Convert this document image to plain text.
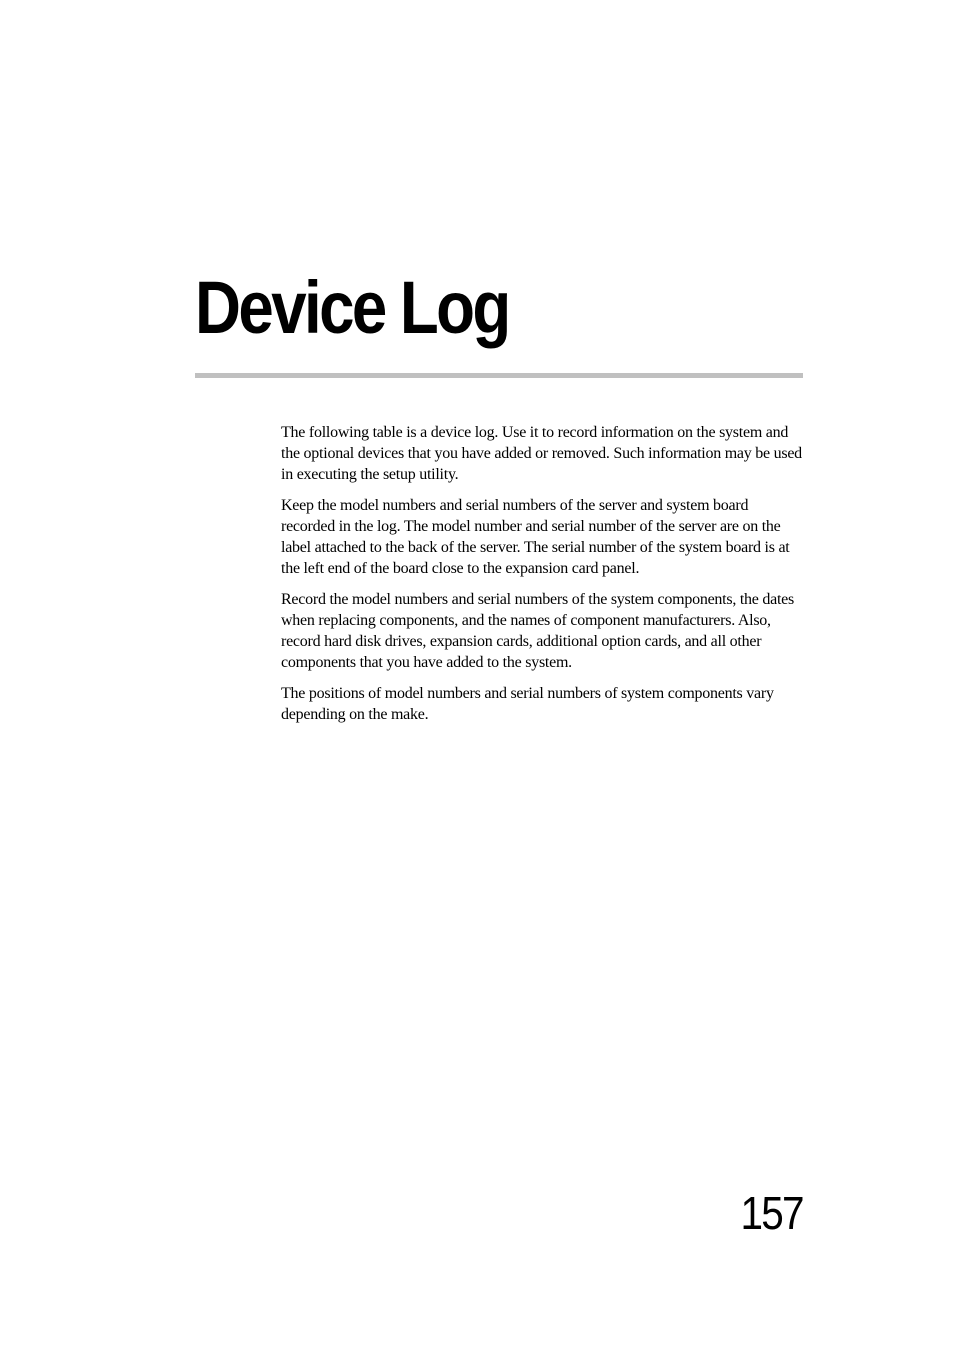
Device Log

The following table is a device log. Use it to record information on the system and the optional devices that you have added or removed. Such information may be used in executing the setup utility.

Keep the model numbers and serial numbers of the server and system board recorded in the log. The model number and serial number of the server are on the label attached to the back of the server. The serial number of the system board is at the left end of the board close to the expansion card panel.

Record the model numbers and serial numbers of the system components, the dates when replacing components, and the names of component manufacturers. Also, record hard disk drives, expansion cards, additional option cards, and all other components that you have added to the system.

The positions of model numbers and serial numbers of system components vary depending on the make.

157
